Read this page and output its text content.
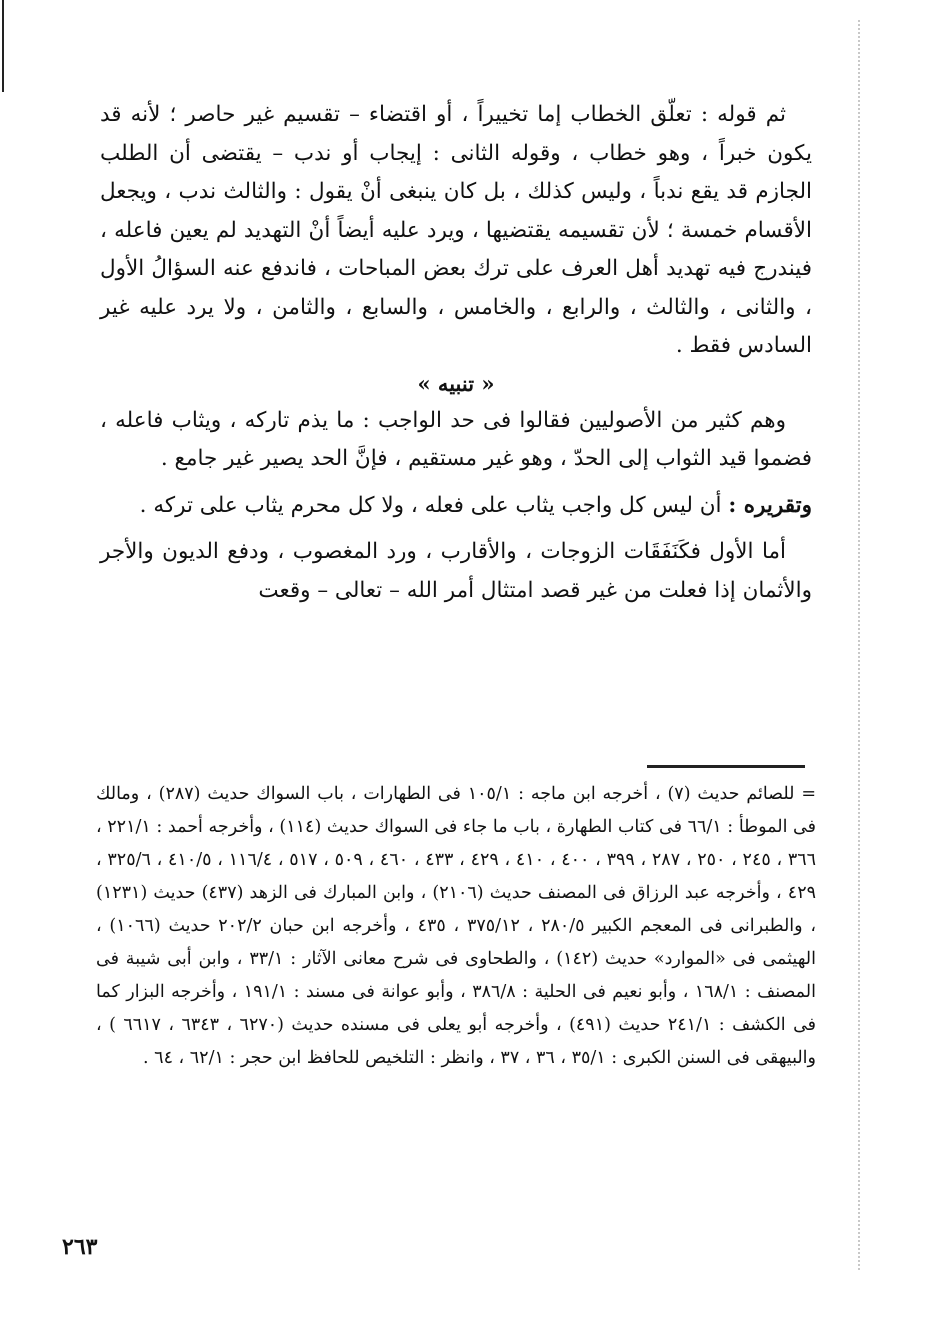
ثم قوله : تعلّق الخطاب إما تخييراً ، أو اقتضاء – تقسيم غير حاصر ؛ لأنه قد يكون خبراً ، وهو خطاب ، وقوله الثانى : إيجاب أو ندب – يقتضى أن الطلب الجازم قد يقع ندباً ، وليس كذلك ، بل كان ينبغى أنْ يقول : والثالث ندب ، ويجعل الأقسام خمسة ؛ لأن تقسيمه يقتضيها ، ويرد عليه أيضاً أنْ التهديد لم يعين فاعله ، فيندرج فيه تهديد أهل العرف على ترك بعض المباحات ، فاندفع عنه السؤالُ الأول ، والثانى ، والثالث ، والرابع ، والخامس ، والسابع ، والثامن ، ولا يرد عليه غير السادس فقط .

« تنبيه »

وهم كثير من الأصوليين فقالوا فى حد الواجب : ما يذم تاركه ، ويثاب فاعله ، فضموا قيد الثواب إلى الحدّ ، وهو غير مستقيم ، فإنَّ الحد يصير غير جامع .

وتقريره : أن ليس كل واجب يثاب على فعله ، ولا كل محرم يثاب على تركه .

أما الأول فكَنَفَقَات الزوجات ، والأقارب ، ورد المغصوب ، ودفع الديون والأجر والأثمان إذا فعلت من غير قصد امتثال أمر الله – تعالى – وقعت

= للصائم حديث (٧) ، أخرجه ابن ماجه : ١٠٥/١ فى الطهارات ، باب السواك حديث (٢٨٧) ، ومالك فى الموطأ : ٦٦/١ فى كتاب الطهارة ، باب ما جاء فى السواك حديث (١١٤) ، وأخرجه أحمد : ٢٢١/١ ، ٣٦٦ ، ٢٤٥ ، ٢٥٠ ، ٢٨٧ ، ٣٩٩ ، ٤٠٠ ، ٤١٠ ، ٤٢٩ ، ٤٣٣ ، ٤٦٠ ، ٥٠٩ ، ٥١٧ ، ١١٦/٤ ، ٤١٠/٥ ، ٣٢٥/٦ ، ٤٢٩ ، وأخرجه عبد الرزاق فى المصنف حديث (٢١٠٦) ، وابن المبارك فى الزهد (٤٣٧) حديث (١٢٣١) ، والطبرانى فى المعجم الكبير ٢٨٠/٥ ، ٣٧٥/١٢ ، ٤٣٥ ، وأخرجه ابن حبان ٢٠٢/٢ حديث (١٠٦٦) ، الهيثمى فى «الموارد» حديث (١٤٢) ، والطحاوى فى شرح معانى الآثار : ٣٣/١ ، وابن أبى شيبة فى المصنف : ١٦٨/١ ، وأبو نعيم فى الحلية : ٣٨٦/٨ ، وأبو عوانة فى مسند : ١٩١/١ ، وأخرجه البزار كما فى الكشف : ٢٤١/١ حديث (٤٩١) ، وأخرجه أبو يعلى فى مسنده حديث (٦٢٧٠ ، ٦٣٤٣ ، ٦٦١٧ ) ، والبيهقى فى السنن الكبرى : ٣٥/١ ، ٣٦ ، ٣٧ ، وانظر : التلخيص للحافظ ابن حجر : ٦٢/١ ، ٦٤ .

٢٦٣
